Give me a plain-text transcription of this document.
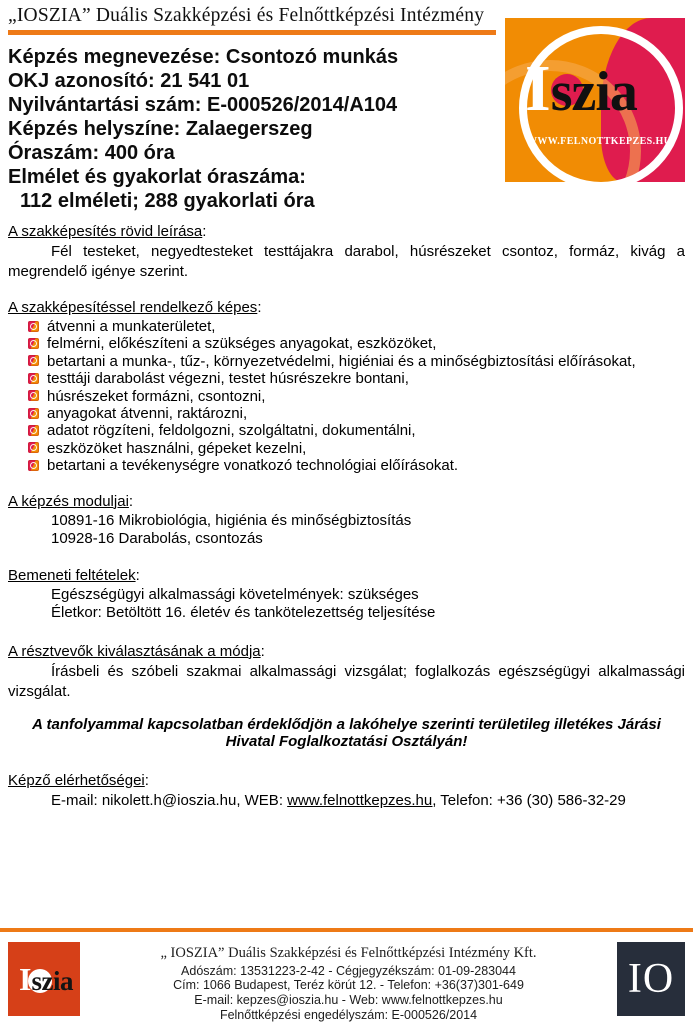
„IOSZIA” Duális Szakképzési és Felnőttképzési Intézmény
I szia
WWW.FELNOTTKEPZES.HU
Képzés megnevezése: Csontozó munkás
OKJ azonosító: 21 541 01
Nyilvántartási szám: E-000526/2014/A104
Képzés helyszíne: Zalaegerszeg
Óraszám: 400 óra
Elmélet és gyakorlat óraszáma:
112 elméleti; 288 gyakorlati óra
A szakképesítés rövid leírása:
Fél testeket, negyedtesteket testtájakra darabol, húsrészeket csontoz, formáz, kivág a megrendelő igénye szerint.
A szakképesítéssel rendelkező képes:
átvenni a munkaterületet,
felmérni, előkészíteni a szükséges anyagokat, eszközöket,
betartani a munka-, tűz-, környezetvédelmi, higiéniai és a minőségbiztosítási előírásokat,
testtáji darabolást végezni, testet húsrészekre bontani,
húsrészeket formázni, csontozni,
anyagokat átvenni, raktározni,
adatot rögzíteni, feldolgozni, szolgáltatni, dokumentálni,
eszközöket használni, gépeket kezelni,
betartani a tevékenységre vonatkozó technológiai előírásokat.
A képzés moduljai:
10891-16 Mikrobiológia, higiénia és minőségbiztosítás
10928-16 Darabolás, csontozás
Bemeneti feltételek:
Egészségügyi alkalmassági követelmények: szükséges
Életkor: Betöltött 16. életév és tankötelezettség teljesítése
A résztvevők kiválasztásának a módja:
Írásbeli és szóbeli szakmai alkalmassági vizsgálat; foglalkozás egészségügyi alkalmassági vizsgálat.
A tanfolyammal kapcsolatban érdeklődjön a lakóhelye szerinti területileg illetékes Járási Hivatal Foglalkoztatási Osztályán!
Képző elérhetőségei:
E-mail: nikolett.h@ioszia.hu, WEB: www.felnottkepzes.hu, Telefon: +36 (30) 586-32-29
I szia
„ IOSZIA” Duális Szakképzési és Felnőttképzési Intézmény Kft.
Adószám: 13531223-2-42 - Cégjegyzékszám: 01-09-283044
Cím: 1066 Budapest, Teréz körút 12. - Telefon: +36(37)301-649
E-mail: kepzes@ioszia.hu - Web: www.felnottkepzes.hu
Felnőttképzési engedélyszám: E-000526/2014
IO
